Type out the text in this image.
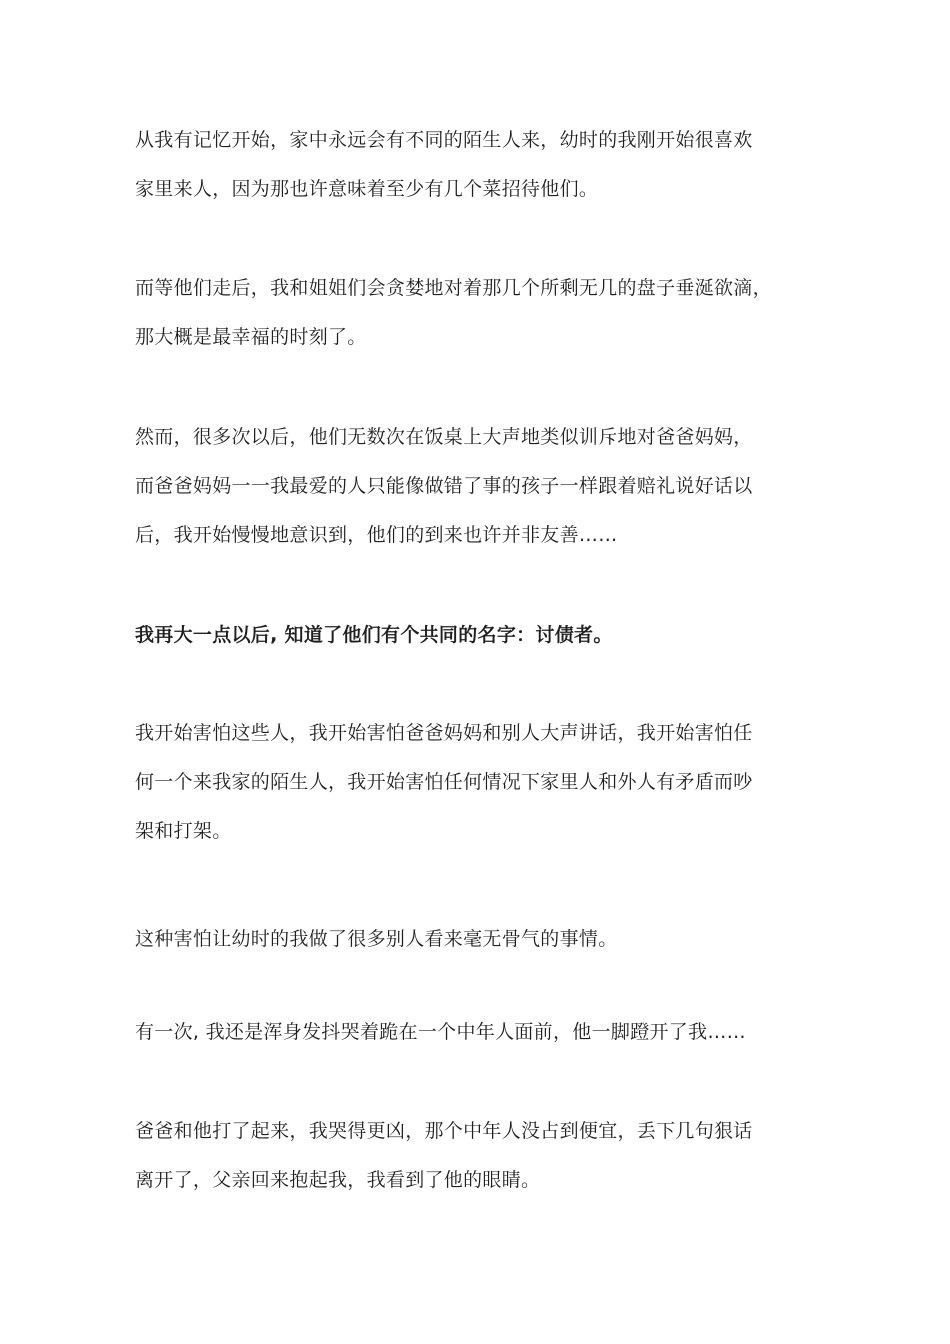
从我有记忆开始，家中永远会有不同的陌生人来，幼时的我刚开始很喜欢
家里来人，因为那也许意味着至少有几个菜招待他们。

而等他们走后，我和姐姐们会贪婪地对着那几个所剩无几的盘子垂涎欲滴，
那大概是最幸福的时刻了。

然而，很多次以后，他们无数次在饭桌上大声地类似训斥地对爸爸妈妈，
而爸爸妈妈一一我最爱的人只能像做错了事的孩子一样跟着赔礼说好话以
后，我开始慢慢地意识到，他们的到来也许并非友善……

我再大一点以后, 知道了他们有个共同的名字：讨债者。

我开始害怕这些人，我开始害怕爸爸妈妈和别人大声讲话，我开始害怕任
何一个来我家的陌生人，我开始害怕任何情况下家里人和外人有矛盾而吵
架和打架。

这种害怕让幼时的我做了很多别人看来毫无骨气的事情。

有一次, 我还是浑身发抖哭着跪在一个中年人面前，他一脚蹬开了我……

爸爸和他打了起来，我哭得更凶，那个中年人没占到便宜，丢下几句狠话
离开了，父亲回来抱起我，我看到了他的眼睛。
